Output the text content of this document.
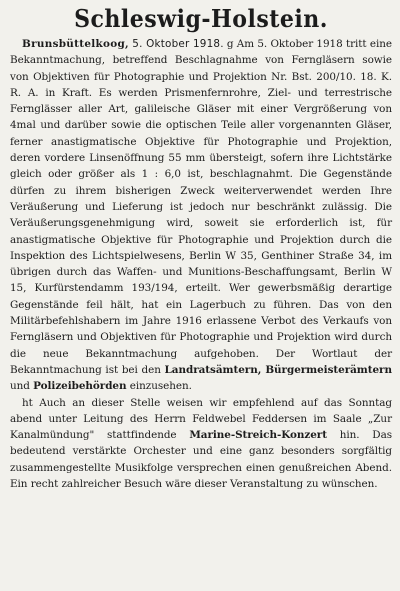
Schleswig-Holstein.

Brunsbüttelkoog, 5. Oktober 1918. g Am 5. Oktober 1918 tritt eine Bekanntmachung, betreffend Beschlagnahme von Ferngläsern sowie von Objektiven für Photographie und Projektion Nr. Bst. 200/10. 18. K. R. A. in Kraft. Es werden Prismenfernrohre, Ziel- und terrestrische Fernglässer aller Art, galileische Gläser mit einer Vergrößerung von 4mal und darüber sowie die optischen Teile aller vorgenannten Gläser, ferner anastigmatische Objektive für Photographie und Projektion, deren vordere Linsenöffnung 55 mm übersteigt, sofern ihre Lichtstärke gleich oder größer als 1 : 6,0 ist, beschlagnahmt. Die Gegenstände dürfen zu ihrem bisherigen Zweck weiterverwendet werden Ihre Veräußerung und Lieferung ist jedoch nur beschränkt zulässig. Die Veräußerungsgenehmigung wird, soweit sie erforderlich ist, für anastigmatische Objektive für Photographie und Projektion durch die Inspektion des Lichtspielwesens, Berlin W 35, Genthiner Straße 34, im übrigen durch das Waffen- und Munitions-Beschaffungsamt, Berlin W 15, Kurfürstendamm 193/194, erteilt. Wer gewerbsmäßig derartige Gegenstände feil hält, hat ein Lagerbuch zu führen. Das von den Militärbefehlshabern im Jahre 1916 erlassene Verbot des Verkaufs von Ferngläsern und Objektiven für Photographie und Projektion wird durch die neue Bekanntmachung aufgehoben. Der Wortlaut der Bekanntmachung ist bei den Landratsämtern, Bürgermeisterämtern und Polizeibehörden einzusehen.

ht Auch an dieser Stelle weisen wir empfehlend auf das Sonntag abend unter Leitung des Herrn Feldwebel Feddersen im Saale „Zur Kanalmündung" stattfindende Marine-Streich-Konzert hin. Das bedeutend verstärkte Orchester und eine ganz besonders sorgfältig zusammengestellte Musikfolge versprechen einen genußreichen Abend. Ein recht zahlreicher Besuch wäre dieser Veranstaltung zu wünschen.
